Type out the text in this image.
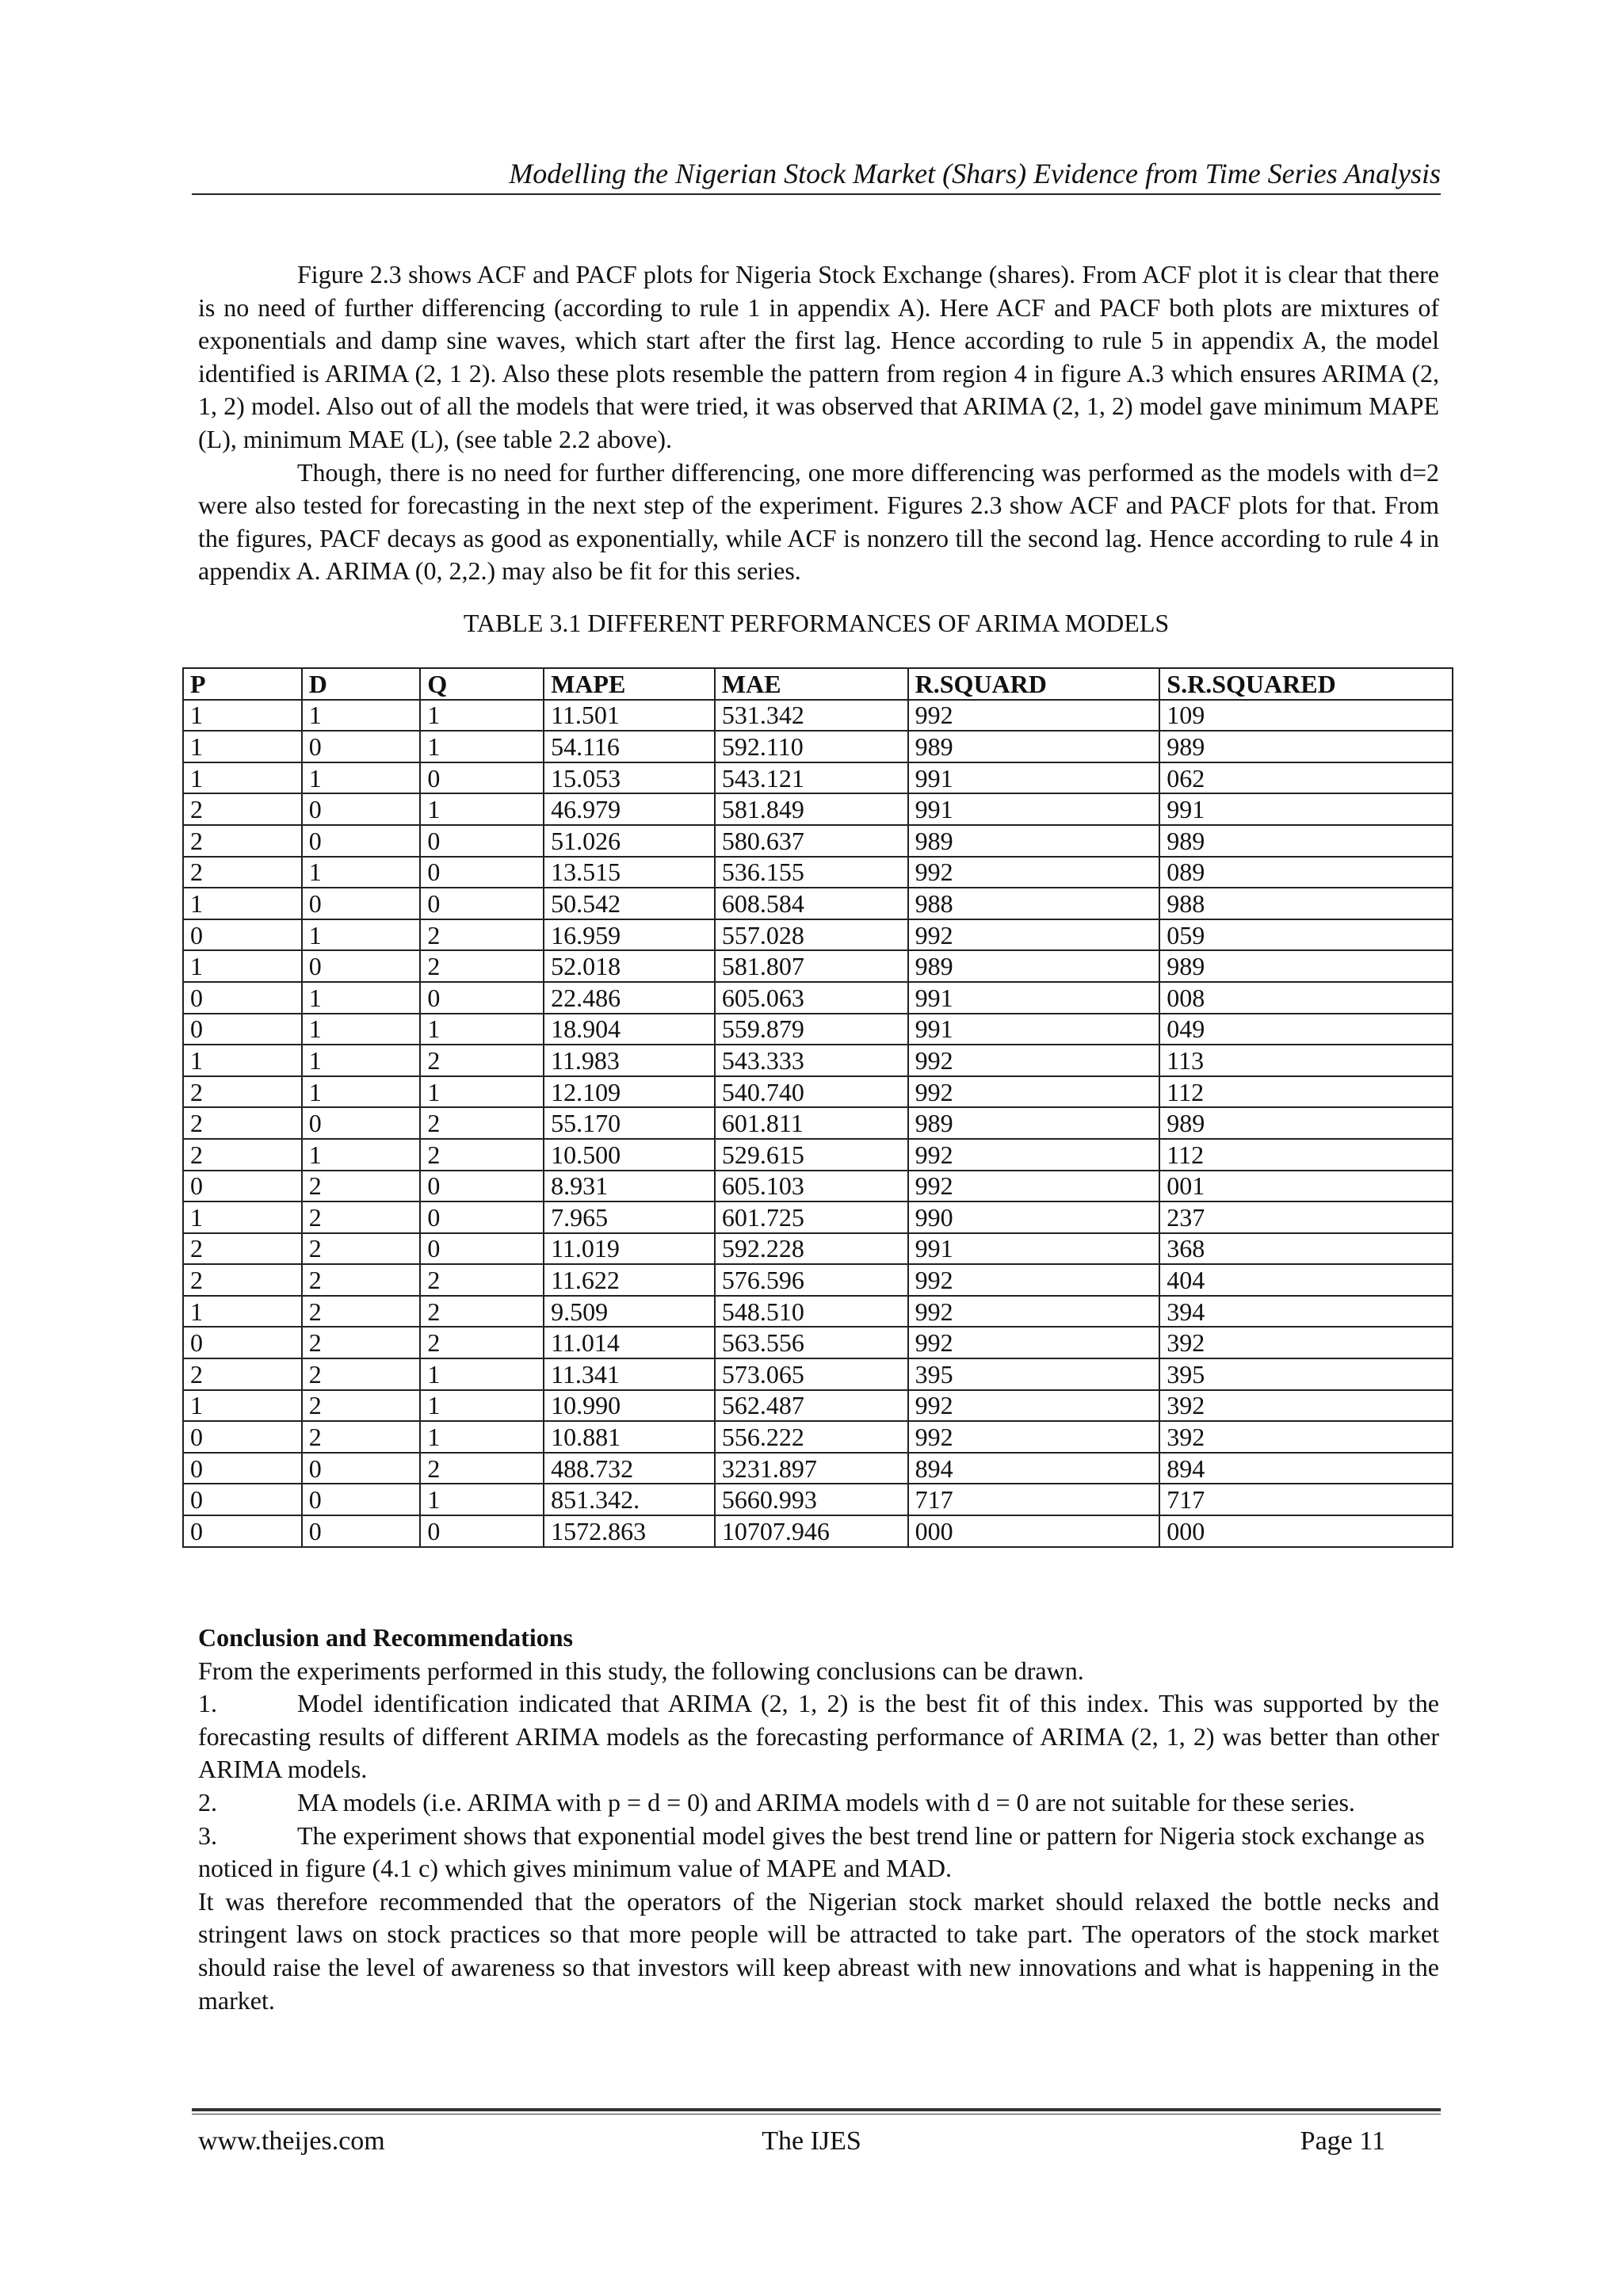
Modelling the Nigerian Stock Market (Shars) Evidence from Time Series Analysis

Figure 2.3 shows ACF and PACF plots for Nigeria Stock Exchange (shares). From ACF plot it is clear that there is no need of further differencing (according to rule 1 in appendix A). Here ACF and PACF both plots are mixtures of exponentials and damp sine waves, which start after the first lag. Hence according to rule 5 in appendix A, the model identified is ARIMA (2, 1 2). Also these plots resemble the pattern from region 4 in figure A.3 which ensures ARIMA (2, 1, 2) model. Also out of all the models that were tried, it was observed that ARIMA (2, 1, 2) model gave minimum MAPE (L), minimum MAE (L), (see table 2.2 above).

Though, there is no need for further differencing, one more differencing was performed as the models with d=2 were also tested for forecasting in the next step of the experiment. Figures 2.3 show ACF and PACF plots for that. From the figures, PACF decays as good as exponentially, while ACF is nonzero till the second lag. Hence according to rule 4 in appendix A. ARIMA (0, 2,2.) may also be fit for this series.

TABLE 3.1 DIFFERENT PERFORMANCES OF ARIMA MODELS
P	D	Q	MAPE	MAE	R.SQUARD	S.R.SQUARED
1	1	1	11.501	531.342	992	109
1	0	1	54.116	592.110	989	989
1	1	0	15.053	543.121	991	062
2	0	1	46.979	581.849	991	991
2	0	0	51.026	580.637	989	989
2	1	0	13.515	536.155	992	089
1	0	0	50.542	608.584	988	988
0	1	2	16.959	557.028	992	059
1	0	2	52.018	581.807	989	989
0	1	0	22.486	605.063	991	008
0	1	1	18.904	559.879	991	049
1	1	2	11.983	543.333	992	113
2	1	1	12.109	540.740	992	112
2	0	2	55.170	601.811	989	989
2	1	2	10.500	529.615	992	112
0	2	0	8.931	605.103	992	001
1	2	0	7.965	601.725	990	237
2	2	0	11.019	592.228	991	368
2	2	2	11.622	576.596	992	404
1	2	2	9.509	548.510	992	394
0	2	2	11.014	563.556	992	392
2	2	1	11.341	573.065	395	395
1	2	1	10.990	562.487	992	392
0	2	1	10.881	556.222	992	392
0	0	2	488.732	3231.897	894	894
0	0	1	851.342.	5660.993	717	717
0	0	0	1572.863	10707.946	000	000

Conclusion and Recommendations

From the experiments performed in this study, the following conclusions can be drawn.

1.	Model identification indicated that ARIMA (2, 1, 2) is the best fit of this index. This was supported by the forecasting results of different ARIMA models as the forecasting performance of ARIMA (2, 1, 2) was better than other ARIMA models.

2.	MA models (i.e. ARIMA with p = d = 0) and ARIMA models with d = 0 are not suitable for these series.

3.	The experiment shows that exponential model gives the best trend line or pattern for Nigeria stock exchange as noticed in figure (4.1 c) which gives minimum value of MAPE and MAD.

It was therefore recommended that the operators of the Nigerian stock market should relaxed the bottle necks and stringent laws on stock practices so that more people will be attracted to take part. The operators of the stock market should raise the level of awareness so that investors will keep abreast with new innovations and what is happening in the market.

www.theijes.com	The IJES	Page 11
